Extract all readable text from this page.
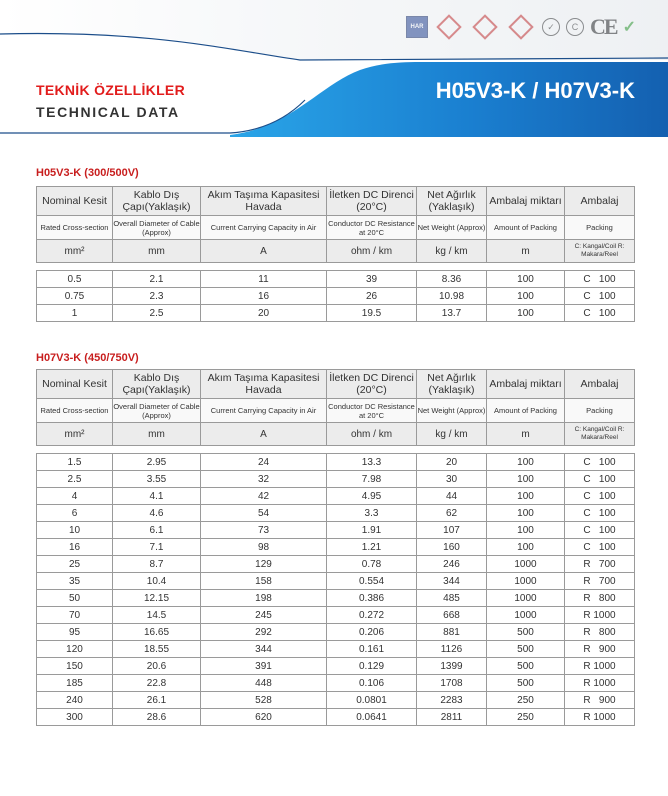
TEKNİK ÖZELLİKLER
TECHNICAL DATA
H05V3-K / H07V3-K
H05V3-K (300/500V)
Nominal Kesit	Kablo Dış Çapı(Yaklaşık)	Akım Taşıma Kapasitesi Havada	İletken DC Direnci (20°C)	Net Ağırlık (Yaklaşık)	Ambalaj miktarı	Ambalaj
Rated Cross-section	Overall Diameter of Cable (Approx)	Current Carrying Capacity in Air	Conductor DC Resistance at 20°C	Net Weight (Approx)	Amount of Packing	Packing
mm²	mm	A	ohm / km	kg / km	m	C: Kangal/Coil R: Makara/Reel

0.5	2.1	11	39	8.36	100	C   100
0.75	2.3	16	26	10.98	100	C   100
1	2.5	20	19.5	13.7	100	C   100
H07V3-K (450/750V)
Nominal Kesit	Kablo Dış Çapı(Yaklaşık)	Akım Taşıma Kapasitesi Havada	İletken DC Direnci (20°C)	Net Ağırlık (Yaklaşık)	Ambalaj miktarı	Ambalaj
Rated Cross-section	Overall Diameter of Cable (Approx)	Current Carrying Capacity in Air	Conductor DC Resistance at 20°C	Net Weight (Approx)	Amount of Packing	Packing
mm²	mm	A	ohm / km	kg / km	m	C: Kangal/Coil R: Makara/Reel

1.5	2.95	24	13.3	20	100	C   100
2.5	3.55	32	7.98	30	100	C   100
4	4.1	42	4.95	44	100	C   100
6	4.6	54	3.3	62	100	C   100
10	6.1	73	1.91	107	100	C   100
16	7.1	98	1.21	160	100	C   100
25	8.7	129	0.78	246	1000	R   700
35	10.4	158	0.554	344	1000	R   700
50	12.15	198	0.386	485	1000	R   800
70	14.5	245	0.272	668	1000	R 1000
95	16.65	292	0.206	881	500	R   800
120	18.55	344	0.161	1126	500	R   900
150	20.6	391	0.129	1399	500	R 1000
185	22.8	448	0.106	1708	500	R 1000
240	26.1	528	0.0801	2283	250	R   900
300	28.6	620	0.0641	2811	250	R 1000
